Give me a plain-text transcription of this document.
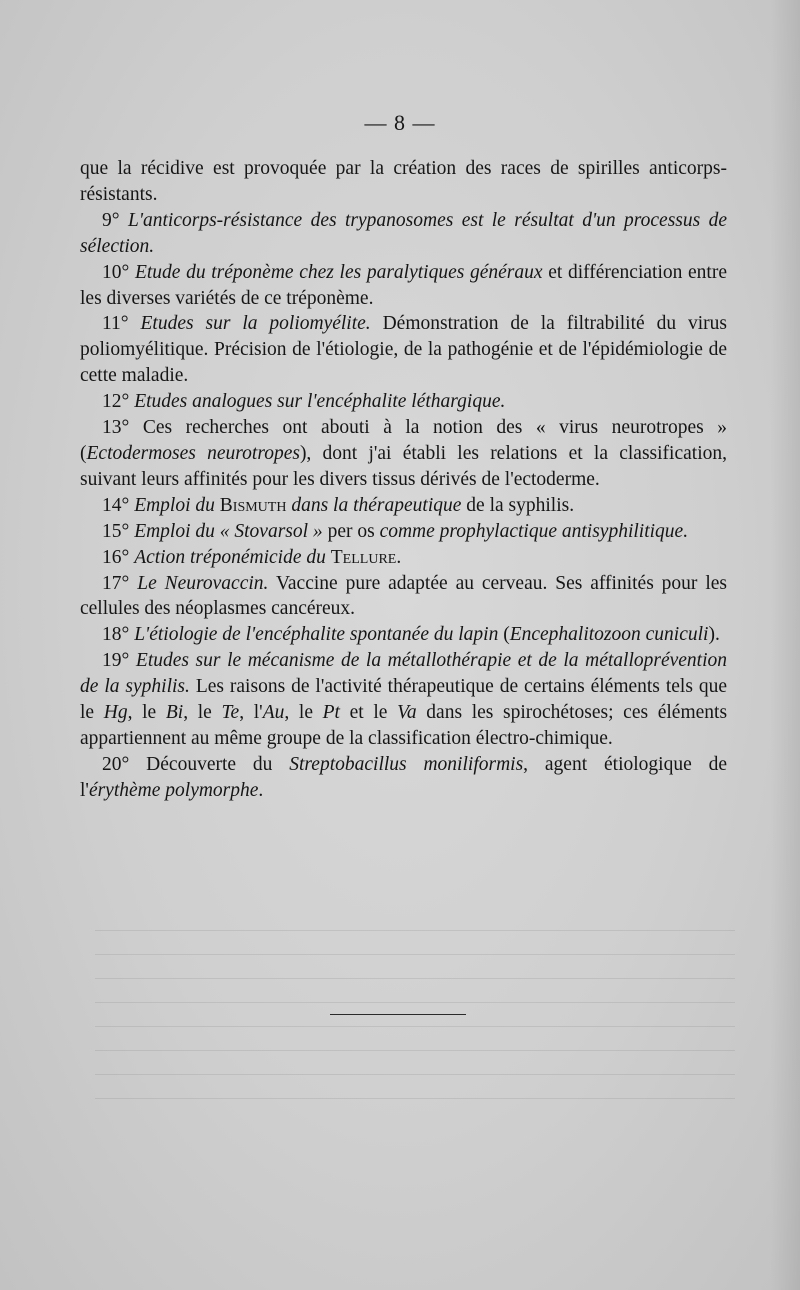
— 8 —

que la récidive est provoquée par la création des races de spirilles anticorps-résistants.

9° L'anticorps-résistance des trypanosomes est le résultat d'un processus de sélection.

10° Etude du tréponème chez les paralytiques généraux et différenciation entre les diverses variétés de ce tréponème.

11° Etudes sur la poliomyélite. Démonstration de la filtrabilité du virus poliomyélitique. Précision de l'étiologie, de la pathogénie et de l'épidémiologie de cette maladie.

12° Etudes analogues sur l'encéphalite léthargique.

13° Ces recherches ont abouti à la notion des « virus neurotropes » (Ectodermoses neurotropes), dont j'ai établi les relations et la classification, suivant leurs affinités pour les divers tissus dérivés de l'ectoderme.

14° Emploi du Bismuth dans la thérapeutique de la syphilis.

15° Emploi du « Stovarsol » per os comme prophylactique antisyphilitique.

16° Action tréponémicide du Tellure.

17° Le Neurovaccin. Vaccine pure adaptée au cerveau. Ses affinités pour les cellules des néoplasmes cancéreux.

18° L'étiologie de l'encéphalite spontanée du lapin (Encephalitozoon cuniculi).

19° Etudes sur le mécanisme de la métallothérapie et de la métalloprévention de la syphilis. Les raisons de l'activité thérapeutique de certains éléments tels que le Hg, le Bi, le Te, l'Au, le Pt et le Va dans les spirochétoses; ces éléments appartiennent au même groupe de la classification électro-chimique.

20° Découverte du Streptobacillus moniliformis, agent étiologique de l'érythème polymorphe.
